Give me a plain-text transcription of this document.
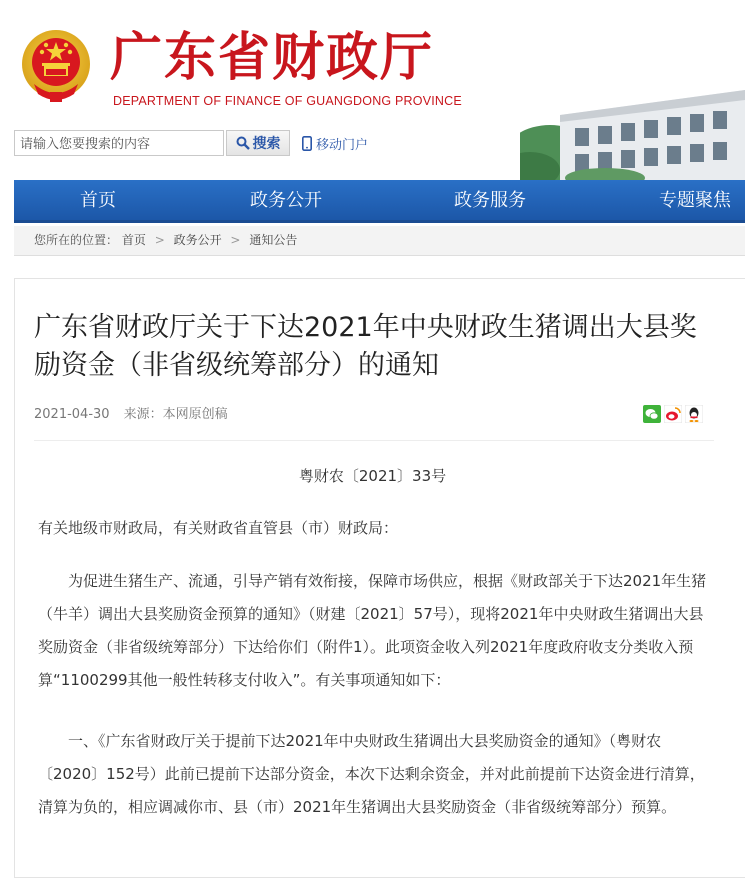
广东省财政厅
DEPARTMENT OF FINANCE OF GUANGDONG PROVINCE
请输入您要搜索的内容
搜索	移动门户
首页	政务公开	政务服务	专题聚焦
您所在的位置： 首页 > 政务公开 > 通知公告
广东省财政厅关于下达2021年中央财政生猪调出大县奖励资金（非省级统筹部分）的通知
2021-04-30 来源：本网原创稿
粤财农〔2021〕33号
有关地级市财政局，有关财政省直管县（市）财政局：

为促进生猪生产、流通，引导产销有效衔接，保障市场供应，根据《财政部关于下达2021年生猪（牛羊）调出大县奖励资金预算的通知》（财建〔2021〕57号），现将2021年中央财政生猪调出大县奖励资金（非省级统筹部分）下达给你们（附件1）。此项资金收入列2021年度政府收支分类收入预算“1100299其他一般性转移支付收入”。有关事项通知如下：

一、《广东省财政厅关于提前下达2021年中央财政生猪调出大县奖励资金的通知》（粤财农〔2020〕152号）此前已提前下达部分资金，本次下达剩余资金，并对此前提前下达资金进行清算，清算为负的，相应调减你市、县（市）2021年生猪调出大县奖励资金（非省级统筹部分）预算。
